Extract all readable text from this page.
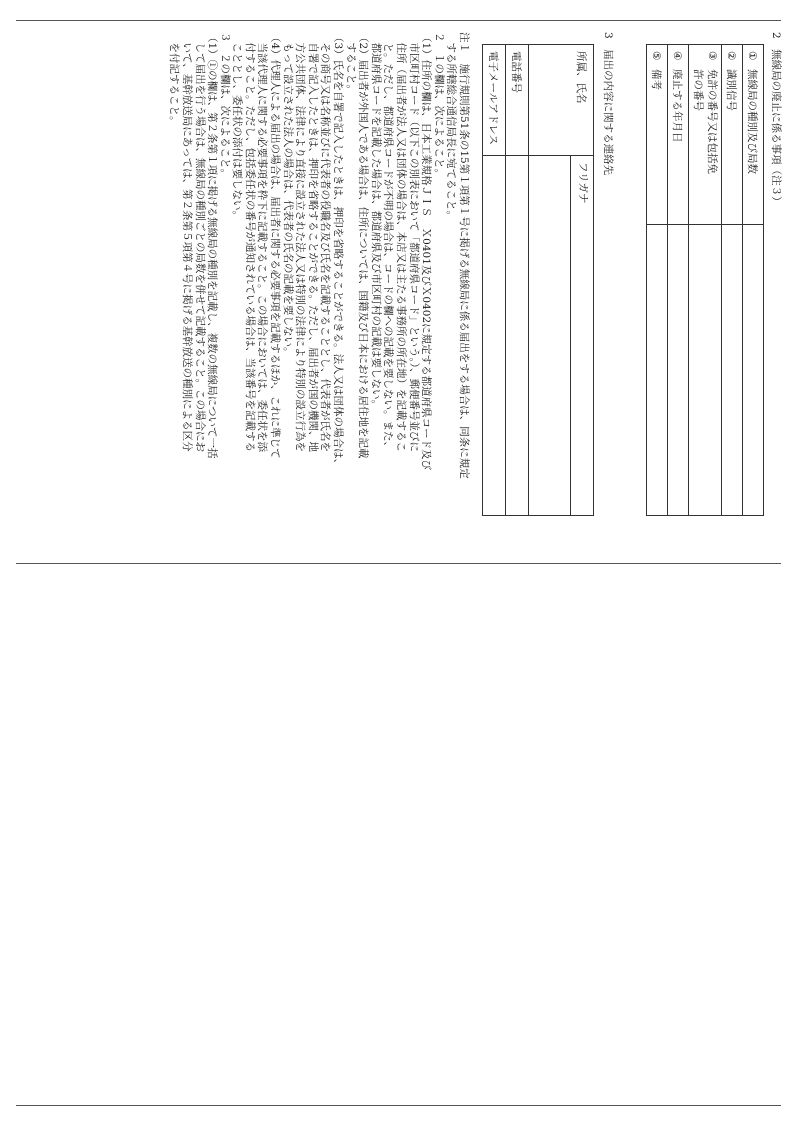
2　無線局の廃止に係る事項（注３）
①無線局の種別及び局数	
②識別信号	
③免許の番号又は包括免
許の番号	
④廃止する年月日	
⑤備考	
3　届出の内容に関する連絡先
所属、氏名	フリガナ

電話番号	
電子メールアドレス	
注１　施行規則第51条の15第１項第１号に掲げる無線局に係る届出をする場合は、同条に規定
　する所轄総合通信局長に宛てること。
２　１の欄は、次によること。
（1）住所の欄は、日本工業規格ＪＩＳ　Ｘ0401及びＸ0402に規定する都道府県コード及び
　市区町村コード（以下この別表において「都道府県コード」という。）、郵便番号並びに
　住所（届出者が法人又は団体の場合は、本店又は主たる事務所の所在地）を記載するこ
　と。ただし、都道府県コードが不明の場合は、コードの欄への記載を要しない。また、
　都道府県コードを記載した場合は、都道府県及び市区町村の記載は要しない。
（2）届出者が外国人である場合は、住所については、国籍及び日本における居住地を記載
　すること。
（3）氏名を自署で記入したときは、押印を省略することができる。法人又は団体の場合は、
　その商号又は名称並びに代表者の役職名及び氏名を記載することとし、代表者が氏名を
　自署で記入したときは、押印を省略することができる。ただし、届出者が国の機関、地
　方公共団体、法律により直接に設立された法人又は特別の法律により特別の設立行為を
　もって設立された法人の場合は、代表者の氏名の記載を要しない。
（4）代理人による届出の場合は、届出者に関する必要事項を記載するほか、これに準じて
　当該代理人に関する必要事項を枠下に記載すること。この場合においては、委任状を添
　付すること。ただし、包括委任状の番号が通知されている場合は、当該番号を記載する
　こととし、委任状の添付は要しない。
３　２の欄は、次によること。
（1）①の欄は、第２条第１項に掲げる無線局の種別を記載し、複数の無線局について一括
　して届出を行う場合は、無線局の種別ごとの局数を併せて記載すること。この場合にお
　いて、基幹放送局にあっては、第２条第５項第４号に掲げる基幹放送の種別による区分
　を付記すること。
